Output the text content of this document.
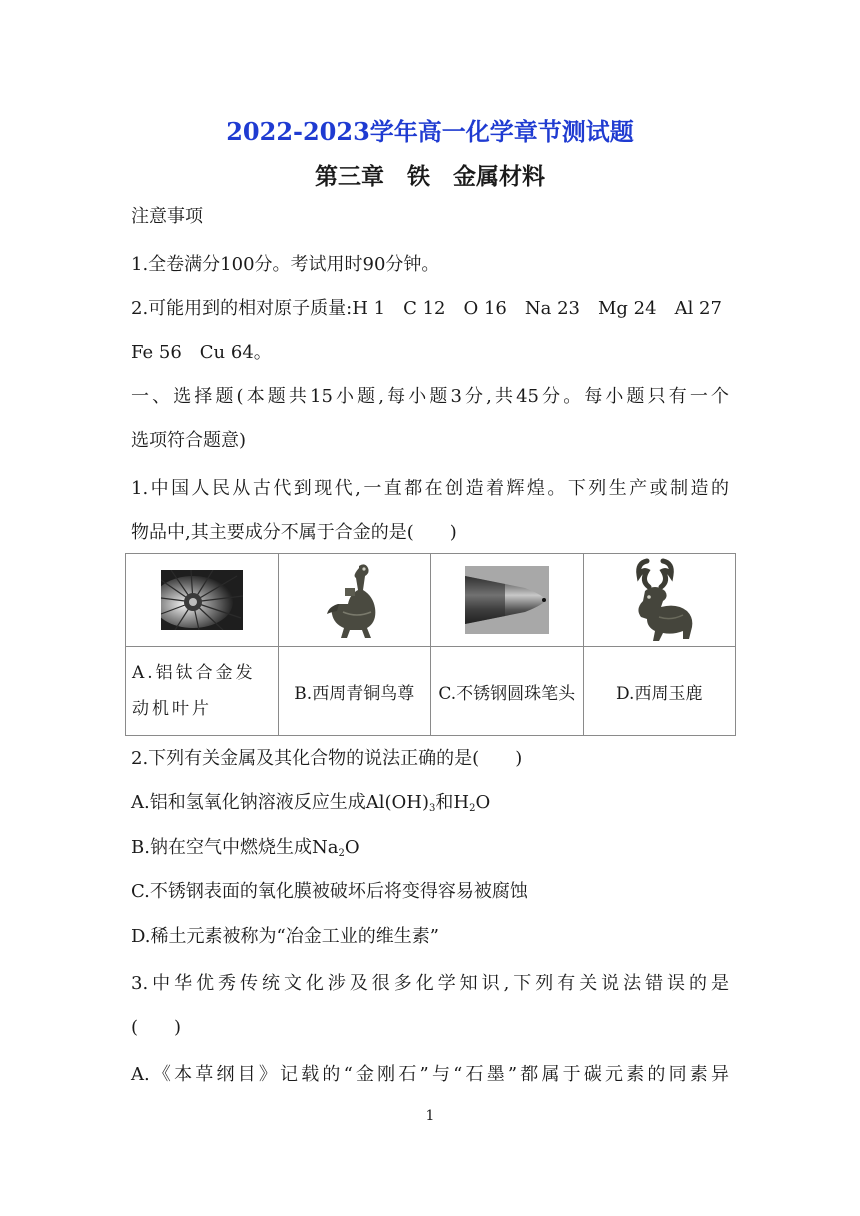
2022-2023学年高一化学章节测试题
第三章　铁　金属材料
注意事项
1.全卷满分100分。考试用时90分钟。
2.可能用到的相对原子质量:H 1　C 12　O 16　Na 23　Mg 24　Al 27
Fe 56　Cu 64。
一、选择题(本题共15小题,每小题3分,共45分。每小题只有一个
选项符合题意)
1.中国人民从古代到现代,一直都在创造着辉煌。下列生产或制造的
物品中,其主要成分不属于合金的是(　　)

A.铝钛合金发
动机叶片	B.西周青铜鸟尊	C.不锈钢圆珠笔头	D.西周玉鹿
2.下列有关金属及其化合物的说法正确的是(　　)
A.铝和氢氧化钠溶液反应生成$Al(OH)_3$和$H_2O$
B.钠在空气中燃烧生成$Na_2O$
C.不锈钢表面的氧化膜被破坏后将变得容易被腐蚀
D.稀土元素被称为“冶金工业的维生素”
3.中华优秀传统文化涉及很多化学知识,下列有关说法错误的是
(　　)
A.《本草纲目》记载的“金刚石”与“石墨”都属于碳元素的同素异
1
